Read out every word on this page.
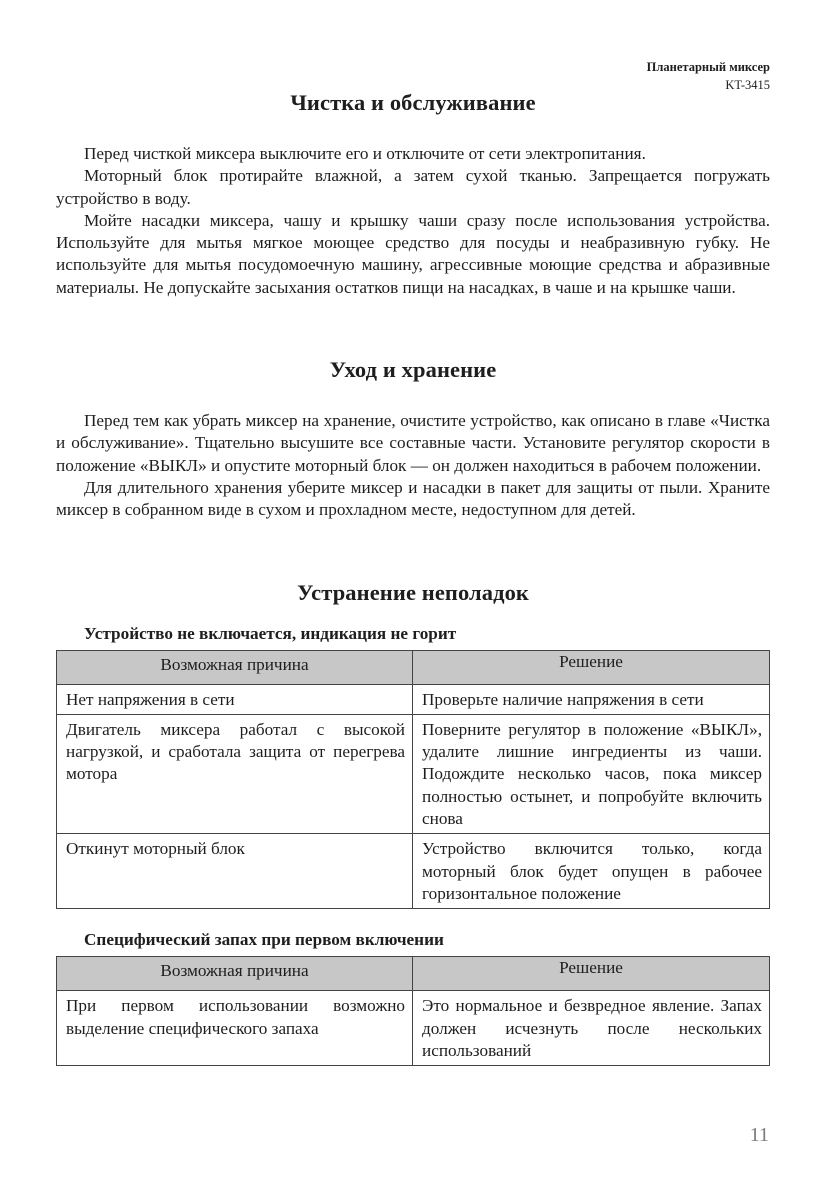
Планетарный миксер
KT-3415
Чистка и обслуживание

Перед чисткой миксера выключите его и отключите от сети электропитания.

Моторный блок протирайте влажной, а затем сухой тканью. Запрещается погружать устройство в воду.

Мойте насадки миксера, чашу и крышку чаши сразу после использования устройства. Используйте для мытья мягкое моющее средство для посуды и неабразивную губку. Не используйте для мытья посудомоечную машину, агрессивные моющие средства и абразивные материалы. Не допускайте засыхания остатков пищи на насадках, в чаше и на крышке чаши.

Уход и хранение

Перед тем как убрать миксер на хранение, очистите устройство, как описано в главе «Чистка и обслуживание». Тщательно высушите все составные части. Установите регулятор скорости в положение «ВЫКЛ» и опустите моторный блок — он должен находиться в рабочем положении.

Для длительного хранения уберите миксер и насадки в пакет для защиты от пыли. Храните миксер в собранном виде в сухом и прохладном месте, недоступном для детей.

Устранение неполадок
Устройство не включается, индикация не горит
Возможная причина	Решение
Нет напряжения в сети	Проверьте наличие напряжения в сети
Двигатель миксера работал с высокой нагрузкой, и сработала защита от перегрева мотора	Поверните регулятор в положение «ВЫКЛ», удалите лишние ингредиенты из чаши. Подождите несколько часов, пока миксер полностью остынет, и попробуйте включить снова
Откинут моторный блок	Устройство включится только, когда моторный блок будет опущен в рабочее горизонтальное положение
Специфический запах при первом включении
Возможная причина	Решение
При первом использовании возможно выделение специфического запаха	Это нормальное и безвредное явление. Запах должен исчезнуть после нескольких использований
11
